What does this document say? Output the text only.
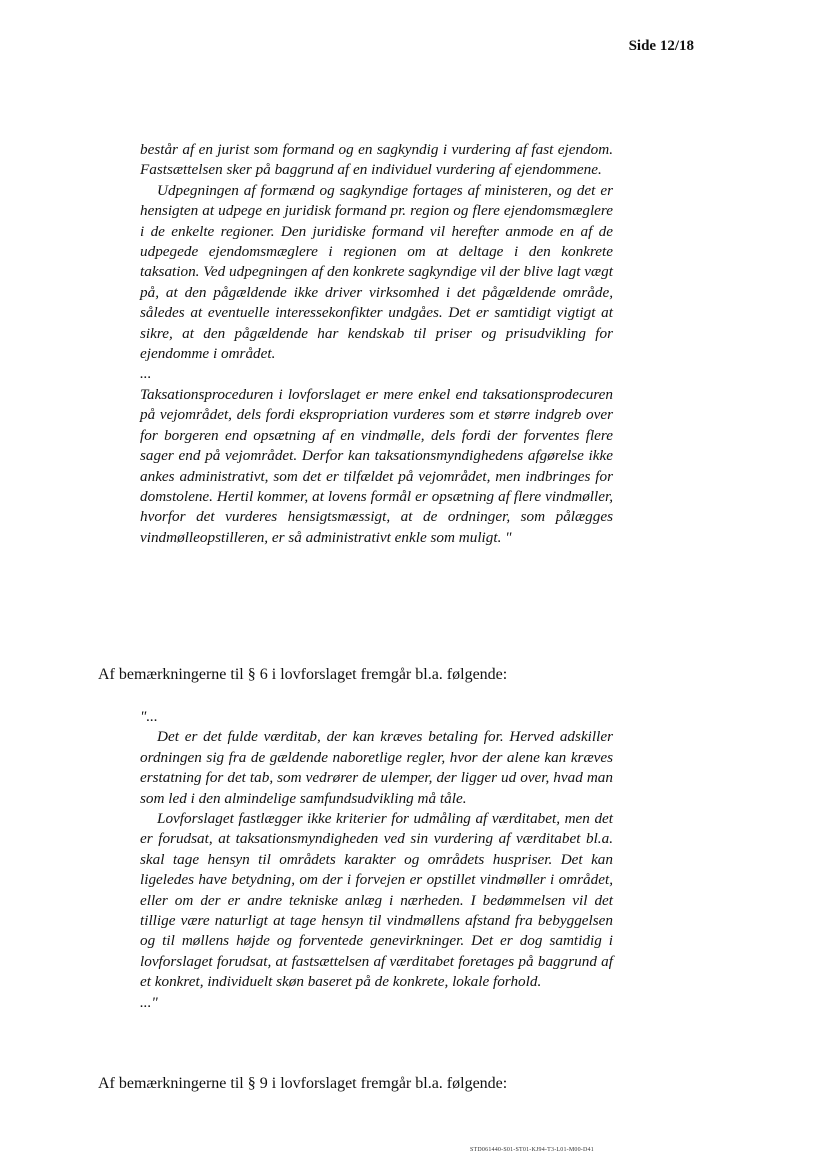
Side 12/18

består af en jurist som formand og en sagkyndig i vurdering af fast ejendom. Fastsættelsen sker på baggrund af en individuel vurdering af ejendommene.

Udpegningen af formænd og sagkyndige fortages af ministeren, og det er hensigten at udpege en juridisk formand pr. region og flere ejendomsmæglere i de enkelte regioner. Den juridiske formand vil herefter anmode en af de udpegede ejendomsmæglere i regionen om at deltage i den konkrete taksation. Ved udpegningen af den konkrete sagkyndige vil der blive lagt vægt på, at den pågældende ikke driver virksomhed i det pågældende område, således at eventuelle interessekonfikter undgåes. Det er samtidigt vigtigt at sikre, at den pågældende har kendskab til priser og prisudvikling for ejendomme i området.

...

Taksationsproceduren i lovforslaget er mere enkel end taksationsprodecuren på vejområdet, dels fordi ekspropriation vurderes som et større indgreb over for borgeren end opsætning af en vindmølle, dels fordi der forventes flere sager end på vejområdet. Derfor kan taksationsmyndighedens afgørelse ikke ankes administrativt, som det er tilfældet på vejområdet, men indbringes for domstolene. Hertil kommer, at lovens formål er opsætning af flere vindmøller, hvorfor det vurderes hensigtsmæssigt, at de ordninger, som pålægges vindmølleopstilleren, er så administrativt enkle som muligt. "

Af bemærkningerne til § 6 i lovforslaget fremgår bl.a. følgende:

"...

Det er det fulde værditab, der kan kræves betaling for. Herved adskiller ordningen sig fra de gældende naboretlige regler, hvor der alene kan kræves erstatning for det tab, som vedrører de ulemper, der ligger ud over, hvad man som led i den almindelige samfundsudvikling må tåle.

Lovforslaget fastlægger ikke kriterier for udmåling af værditabet, men det er forudsat, at taksationsmyndigheden ved sin vurdering af værditabet bl.a. skal tage hensyn til områdets karakter og områdets huspriser. Det kan ligeledes have betydning, om der i forvejen er opstillet vindmøller i området, eller om der er andre tekniske anlæg i nærheden. I bedømmelsen vil det tillige være naturligt at tage hensyn til vindmøllens afstand fra bebyggelsen og til møllens højde og forventede genevirkninger. Det er dog samtidig i lovforslaget forudsat, at fastsættelsen af værditabet foretages på baggrund af et konkret, individuelt skøn baseret på de konkrete, lokale forhold.

..."

Af bemærkningerne til § 9 i lovforslaget fremgår bl.a. følgende:
STD061440-S01-ST01-KJ94-T3-L01-M00-D41
